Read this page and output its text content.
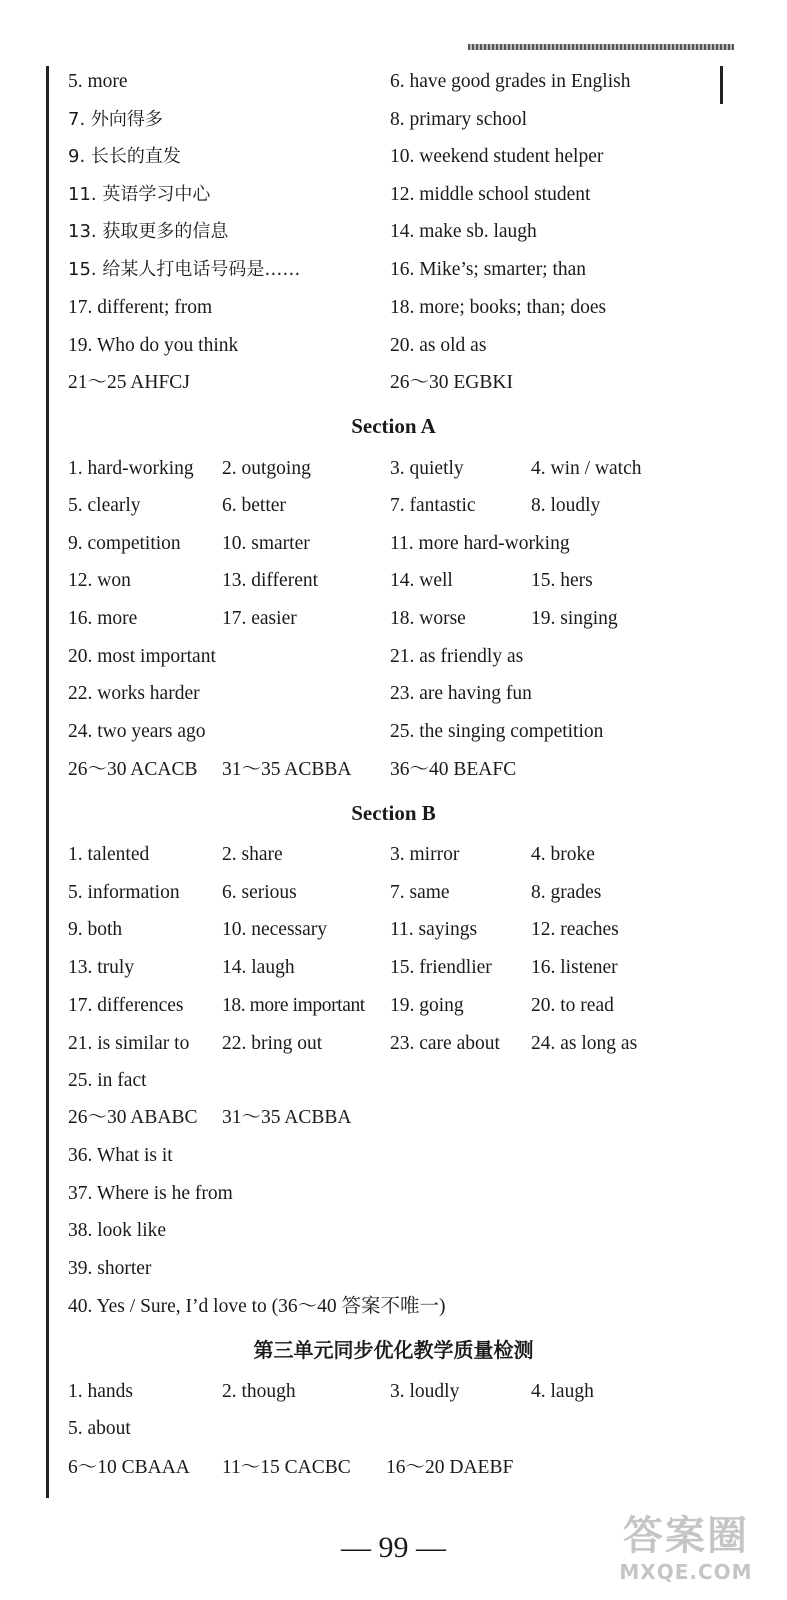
5. more	6. have good grades in English
7. 外向得多	8. primary school
9. 长长的直发	10. weekend student helper
11. 英语学习中心	12. middle school student
13. 获取更多的信息	14. make sb. laugh
15. 给某人打电话号码是……	16. Mike’s; smarter; than
17. different; from	18. more; books; than; does
19. Who do you think	20. as old as
21～25 AHFCJ	26～30 EGBKI
Section A
1. hard-working 2. outgoing	3. quietly	4. win / watch
5. clearly	6. better	7. fantastic	8. loudly
9. competition 10. smarter	11. more hard-working
12. won	13. different	14. well	15. hers
16. more	17. easier	18. worse	19. singing
20. most important	21. as friendly as
22. works harder	23. are having fun
24. two years ago	25. the singing competition
26～30 ACACB 31～35 ACBBA 36～40 BEAFC
Section B
1. talented	2. share	3. mirror	4. broke
5. information 6. serious	7. same	8. grades
9. both	10. necessary	11. sayings	12. reaches
13. truly	14. laugh	15. friendlier 16. listener
17. differences 18. more important 19. going	20. to read
21. is similar to 22. bring out	23. care about 24. as long as
25. in fact
26～30 ABABC 31～35 ACBBA
36. What is it
37. Where is he from
38. look like
39. shorter
40. Yes / Sure, I’d love to (36～40 答案不唯一)
第三单元同步优化教学质量检测
1. hands	2. though	3. loudly	4. laugh
5. about
6～10 CBAAA 11～15 CACBC 16～20 DAEBF
— 99 —	答案圈
MXQE.COM
